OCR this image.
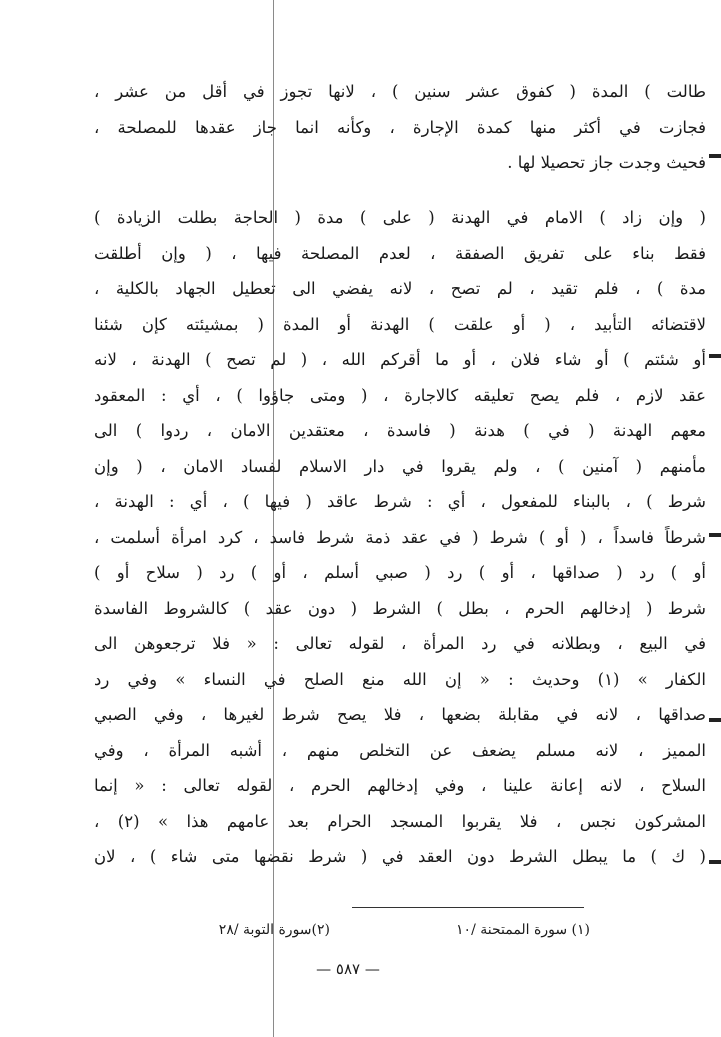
طالت ) المدة ( كفوق عشر سنين ) ، لانها تجوز في أقل من عشر ،
فجازت في أكثر منها كمدة الإجارة ، وكأنه انما جاز عقدها للمصلحة ،
فحيث وجدت جاز تحصيلا لها .
( وإن زاد ) الامام في الهدنة ( على ) مدة ( الحاجة بطلت الزيادة )
فقط بناء على تفريق الصفقة ، لعدم المصلحة فيها ، ( وإن أطلقت
مدة ) ، فلم تقيد ، لم تصح ، لانه يفضي الى تعطيل الجهاد بالكلية ،
لاقتضائه التأبيد ، ( أو علقت ) الهدنة أو المدة ( بمشيئته كإن شئنا
أو شئتم ) أو شاء فلان ، أو ما أقركم الله ، ( لم تصح ) الهدنة ، لانه
عقد لازم ، فلم يصح تعليقه كالاجارة ، ( ومتى جاؤوا ) ، أي : المعقود
معهم الهدنة ( في ) هدنة ( فاسدة ، معتقدين الامان ، ردوا ) الى
مأمنهم ( آمنين ) ، ولم يقروا في دار الاسلام لفساد الامان ، ( وإن
شرط ) ، بالبناء للمفعول ، أي : شرط عاقد ( فيها ) ، أي : الهدنة ،
شرطاً فاسداً ، ( أو ) شرط ( في عقد ذمة شرط فاسد ، كرد امرأة أسلمت ،
أو ) رد ( صداقها ، أو ) رد ( صبي أسلم ، أو ) رد ( سلاح أو )
شرط ( إدخالهم الحرم ، بطل ) الشرط ( دون عقد ) كالشروط الفاسدة
في البيع ، وبطلانه في رد المرأة ، لقوله تعالى : « فلا ترجعوهن الى
الكفار » (١) وحديث : « إن الله منع الصلح في النساء » وفي رد
صداقها ، لانه في مقابلة بضعها ، فلا يصح شرط لغيرها ، وفي الصبي
المميز ، لانه مسلم يضعف عن التخلص منهم ، أشبه المرأة ، وفي
السلاح ، لانه إعانة علينا ، وفي إدخالهم الحرم ، لقوله تعالى : « إنما
المشركون نجس ، فلا يقربوا المسجد الحرام بعد عامهم هذا » (٢) ،
( ك ) ما يبطل الشرط دون العقد في ( شرط نقضها متى شاء ) ، لان
(١) سورة الممتحنة /١٠
(٢)سورة التوبة /٢٨
— ٥٨٧ —
